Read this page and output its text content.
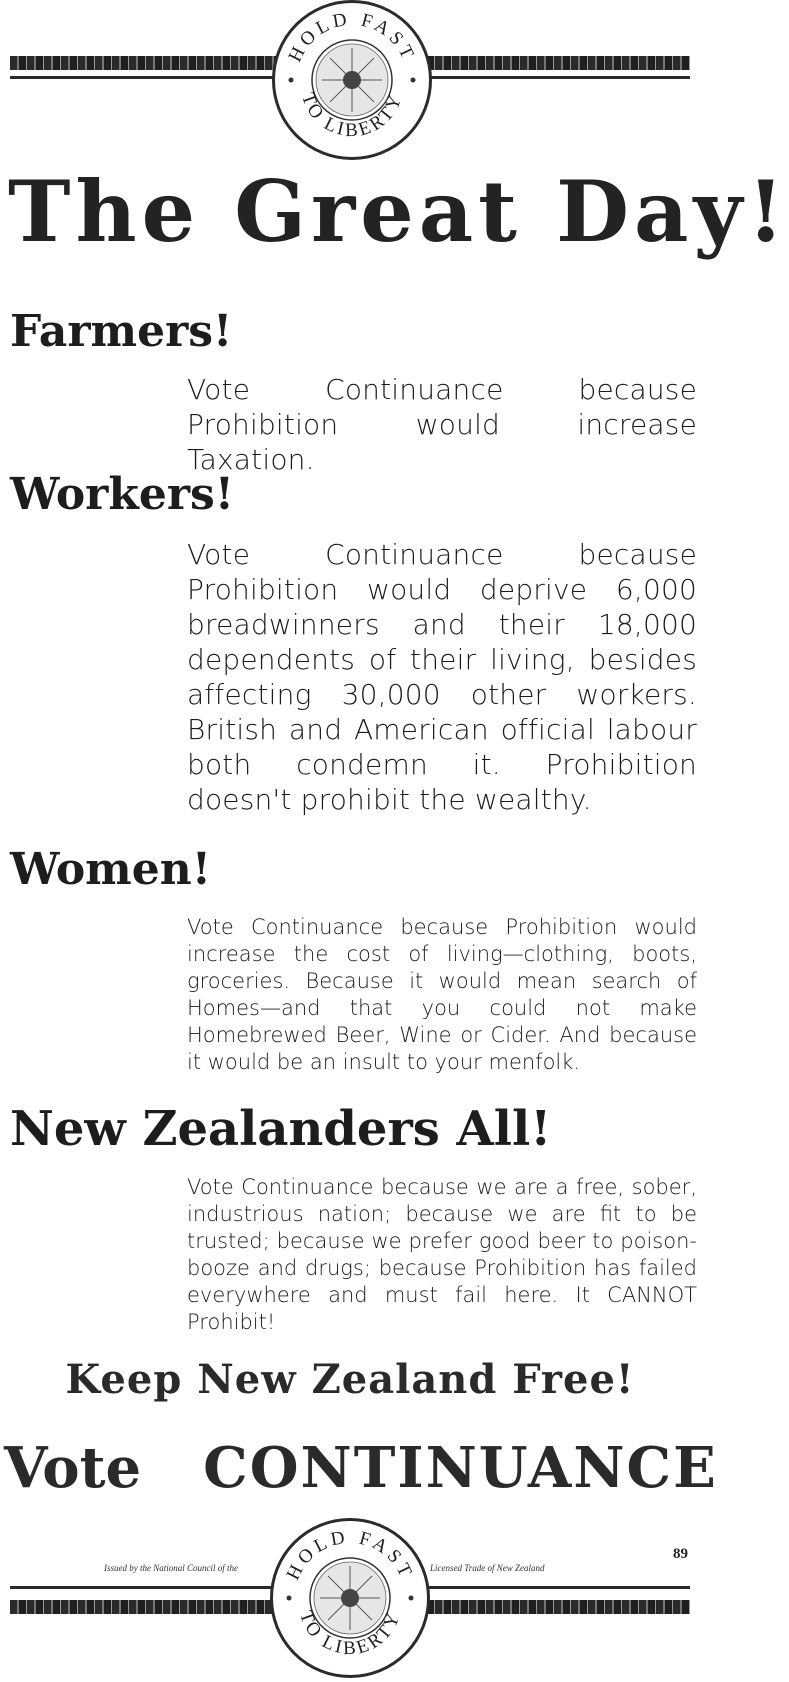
HOLD FAST
TO LIBERTY
The Great Day!
Farmers!

Vote Continuance because Prohibition would increase Taxation.

Workers!

Vote Continuance because Prohibition would deprive 6,000 breadwinners and their 18,000 dependents of their living, besides affecting 30,000 other workers. British and American official labour both condemn it. Prohibition doesn't prohibit the wealthy.

Women!

Vote Continuance because Prohibition would increase the cost of living—clothing, boots, groceries. Because it would mean search of Homes—and that you could not make Homebrewed Beer, Wine or Cider. And because it would be an insult to your menfolk.

New Zealanders All!

Vote Continuance because we are a free, sober, industrious nation; because we are fit to be trusted; because we prefer good beer to poison-booze and drugs; because Prohibition has failed everywhere and must fail here. It CANNOT Prohibit!

Keep New Zealand Free!

Vote CONTINUANCE

Issued by the National Council of the	Licensed Trade of New Zealand
89
HOLD FAST
TO LIBERTY
